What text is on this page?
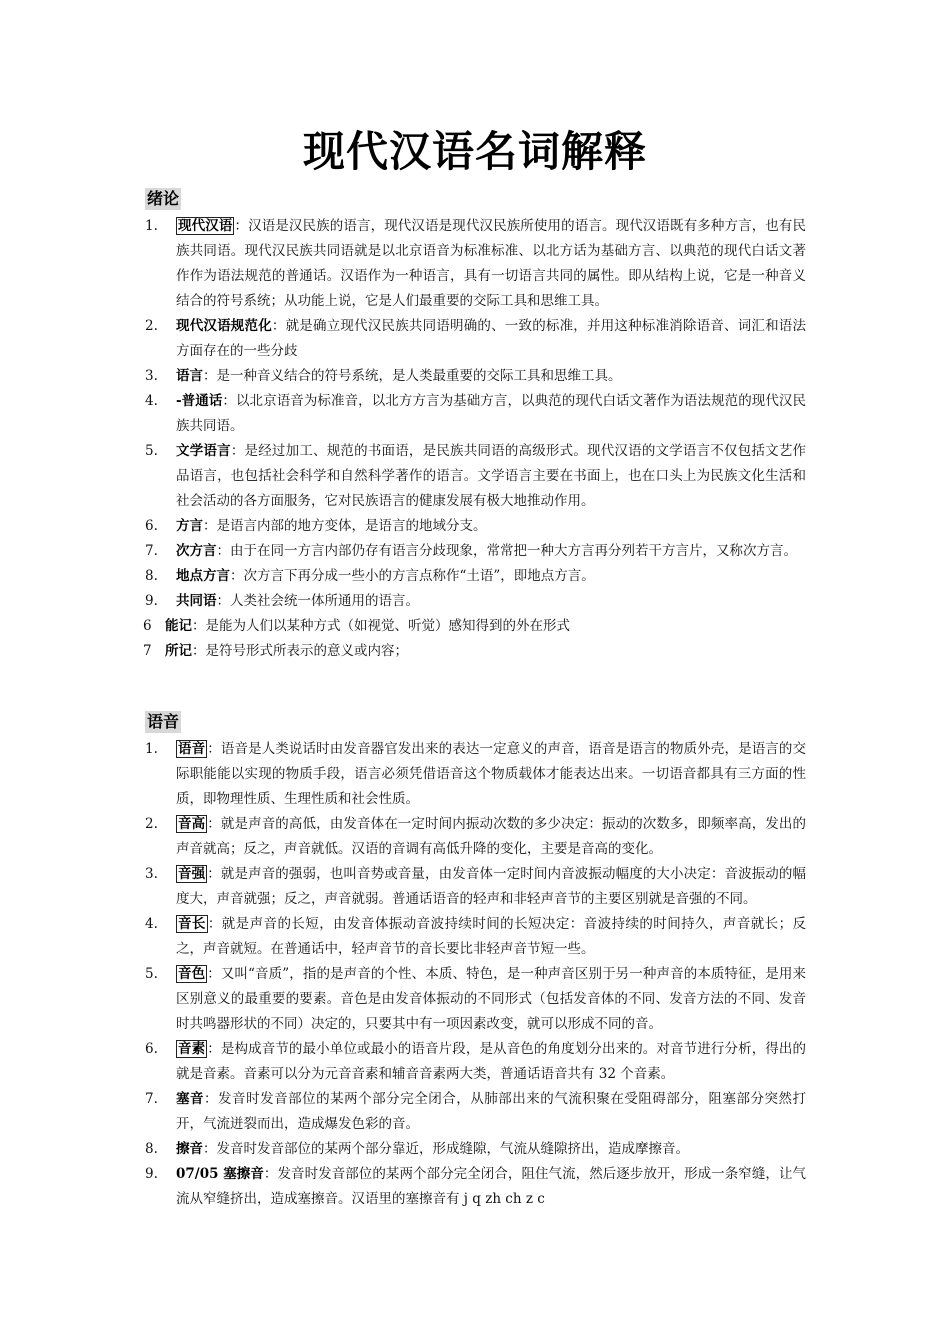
现代汉语名词解释
绪论
1. 现代汉语 ：汉语是汉民族的语言，现代汉语是现代汉民族所使用的语言。现代汉语既有多种方言，也有民族共同语。现代汉民族共同语就是以北京语音为标准标准、以北方话为基础方言、以典范的现代白话文著作作为语法规范的普通话。汉语作为一种语言，具有一切语言共同的属性。即从结构上说，它是一种音义结合的符号系统；从功能上说，它是人们最重要的交际工具和思维工具。
2. 现代汉语规范化：就是确立现代汉民族共同语明确的、一致的标准，并用这种标准消除语音、词汇和语法方面存在的一些分歧
3. 语言：是一种音义结合的符号系统，是人类最重要的交际工具和思维工具。
4. -普通话：以北京语音为标准音，以北方方言为基础方言，以典范的现代白话文著作为语法规范的现代汉民族共同语。
5. 文学语言：是经过加工、规范的书面语，是民族共同语的高级形式。现代汉语的文学语言不仅包括文艺作品语言，也包括社会科学和自然科学著作的语言。文学语言主要在书面上，也在口头上为民族文化生活和社会活动的各方面服务，它对民族语言的健康发展有极大地推动作用。
6. 方言：是语言内部的地方变体，是语言的地域分支。
7. 次方言：由于在同一方言内部仍存有语言分歧现象，常常把一种大方言再分列若干方言片，又称次方言。
8. 地点方言：次方言下再分成一些小的方言点称作“土语”，即地点方言。
9. 共同语：人类社会统一体所通用的语言。
6 能记：是能为人们以某种方式（如视觉、听觉）感知得到的外在形式
7 所记：是符号形式所表示的意义或内容；
语音
1. 语音 ：语音是人类说话时由发音器官发出来的表达一定意义的声音，语音是语言的物质外壳，是语言的交际职能能以实现的物质手段，语言必须凭借语音这个物质载体才能表达出来。一切语音都具有三方面的性质，即物理性质、生理性质和社会性质。
2. 音高 ：就是声音的高低，由发音体在一定时间内振动次数的多少决定：振动的次数多，即频率高，发出的声音就高；反之，声音就低。汉语的音调有高低升降的变化，主要是音高的变化。
3. 音强 ：就是声音的强弱，也叫音势或音量，由发音体一定时间内音波振动幅度的大小决定：音波振动的幅度大，声音就强；反之，声音就弱。普通话语音的轻声和非轻声音节的主要区别就是音强的不同。
4. 音长 ：就是声音的长短，由发音体振动音波持续时间的长短决定：音波持续的时间持久，声音就长；反之，声音就短。在普通话中，轻声音节的音长要比非轻声音节短一些。
5. 音色 ：又叫“音质”，指的是声音的个性、本质、特色，是一种声音区别于另一种声音的本质特征，是用来区别意义的最重要的要素。音色是由发音体振动的不同形式（包括发音体的不同、发音方法的不同、发音时共鸣器形状的不同）决定的，只要其中有一项因素改变，就可以形成不同的音。
6. 音素 ：是构成音节的最小单位或最小的语音片段，是从音色的角度划分出来的。对音节进行分析，得出的就是音素。音素可以分为元音音素和辅音音素两大类，普通话语音共有 32 个音素。
7. 塞音：发音时发音部位的某两个部分完全闭合，从肺部出来的气流积聚在受阻碍部分，阻塞部分突然打开，气流迸裂而出，造成爆发色彩的音。
8. 擦音：发音时发音部位的某两个部分靠近，形成缝隙，气流从缝隙挤出，造成摩擦音。
9. 07/05 塞擦音：发音时发音部位的某两个部分完全闭合，阻住气流，然后逐步放开，形成一条窄缝，让气流从窄缝挤出，造成塞擦音。汉语里的塞擦音有 j q zh ch z c
